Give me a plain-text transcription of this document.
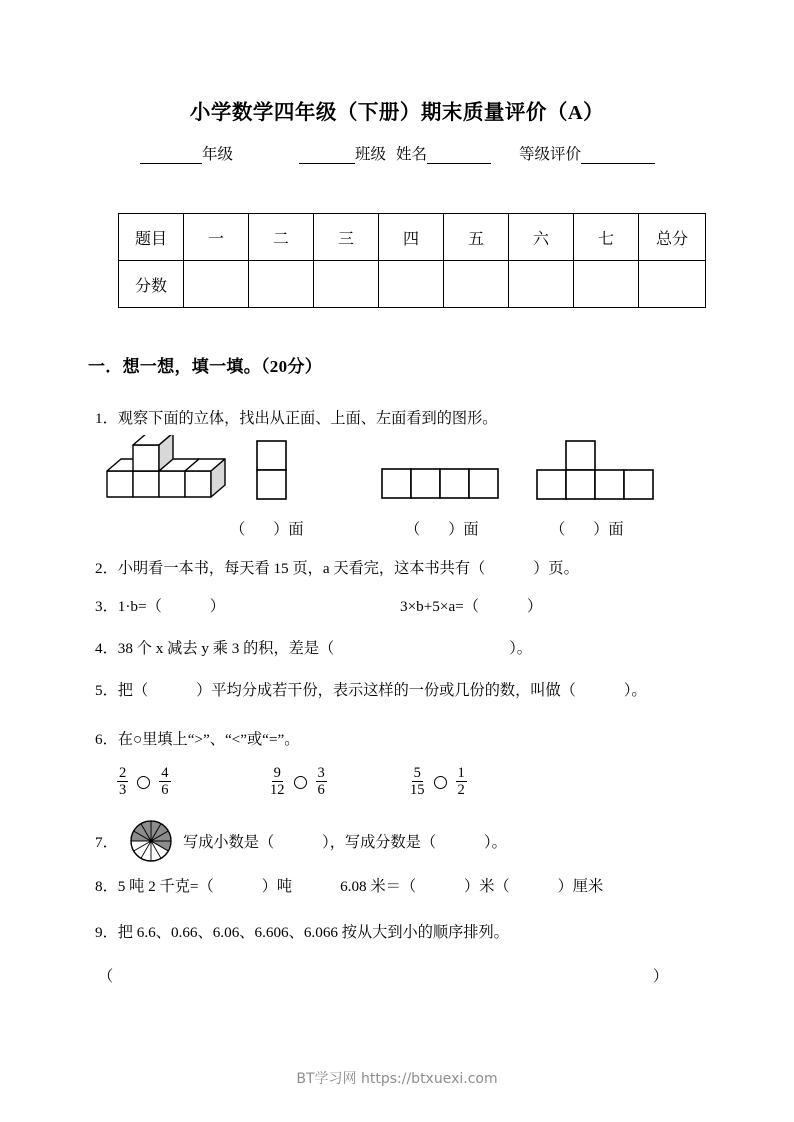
小学数学四年级（下册）期末质量评价（A）
年级	班级 姓名	等级评价
题目	一	二	三	四	五	六	七	总分
分数								
一．想一想，填一填。（20分）
1．观察下面的立体，找出从正面、上面、左面看到的图形。
（ ）面	（ ）面	（ ）面
2．小明看一本书，每天看 15 页，a 天看完，这本书共有（	）页。
3．1·b=（	）	3×b+5×a=（	）
4．38 个 x 减去 y 乘 3 的积，差是（	）。
5．把（	）平均分成若干份，表示这样的一份或几份的数，叫做（	）。
6．在○里填上“>”、“<”或“=”。
$\frac{2}{3} \frac{4}{6}$	$\frac{9}{12} \frac{3}{6}$	$\frac{5}{15} \frac{1}{2}$
7．	写成小数是（	），写成分数是（	）。
8．5 吨 2 千克=（	）吨	6.08 米＝（	）米（	）厘米
9．把 6.6、0.66、6.06、6.606、6.066 按从大到小的顺序排列。
（	）
BT学习网 https://btxuexi.com
